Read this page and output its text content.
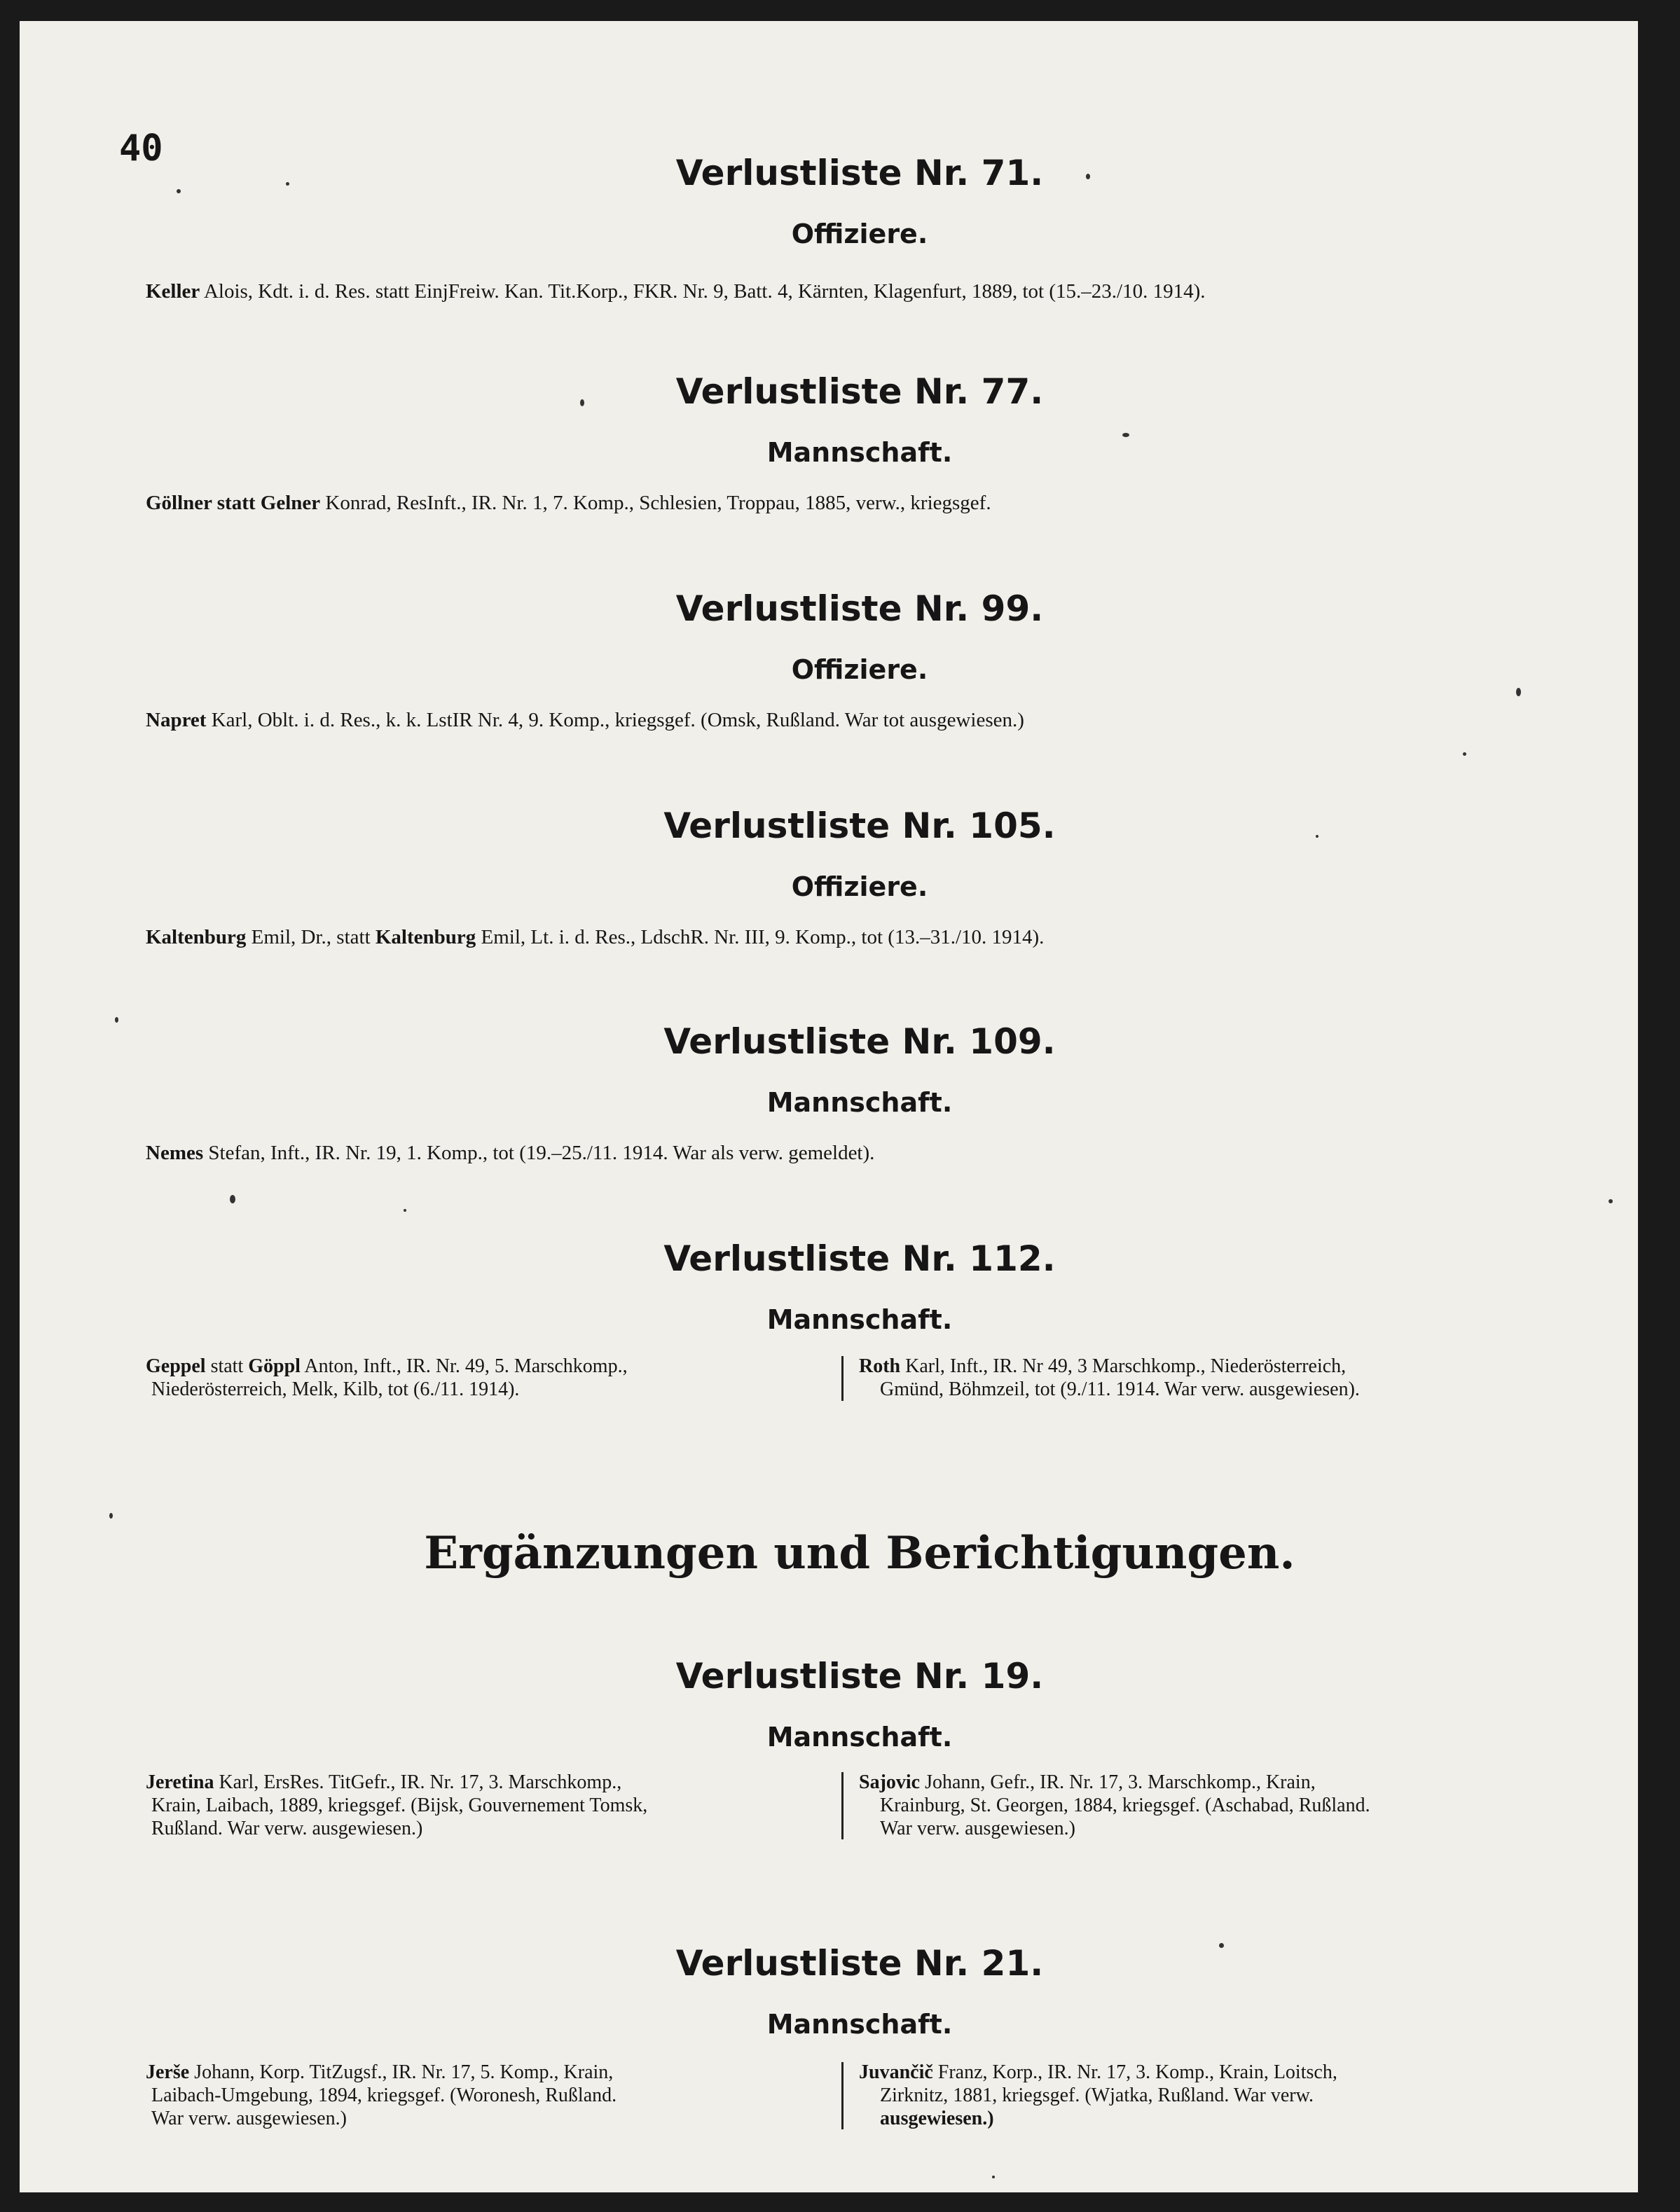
40
Verlustliste Nr. 71.
Offiziere.
Keller Alois, Kdt. i. d. Res. statt EinjFreiw. Kan. Tit.Korp., FKR. Nr. 9, Batt. 4, Kärnten, Klagenfurt, 1889, tot (15.–23./10. 1914).
Verlustliste Nr. 77.
Mannschaft.
Göllner statt Gelner Konrad, ResInft., IR. Nr. 1, 7. Komp., Schlesien, Troppau, 1885, verw., kriegsgef.
Verlustliste Nr. 99.
Offiziere.
Napret Karl, Oblt. i. d. Res., k. k. LstIR Nr. 4, 9. Komp., kriegsgef. (Omsk, Rußland. War tot ausgewiesen.)
Verlustliste Nr. 105.
Offiziere.
Kaltenburg Emil, Dr., statt Kaltenburg Emil, Lt. i. d. Res., LdschR. Nr. III, 9. Komp., tot (13.–31./10. 1914).
Verlustliste Nr. 109.
Mannschaft.
Nemes Stefan, Inft., IR. Nr. 19, 1. Komp., tot (19.–25./11. 1914. War als verw. gemeldet).
Verlustliste Nr. 112.
Mannschaft.

Geppel statt Göppl Anton, Inft., IR. Nr. 49, 5. Marschkomp.,

Niederösterreich, Melk, Kilb, tot (6./11. 1914).

Roth Karl, Inft., IR. Nr 49, 3 Marschkomp., Niederösterreich,

Gmünd, Böhmzeil, tot (9./11. 1914. War verw. ausgewiesen).

Ergänzungen und Berichtigungen.
Verlustliste Nr. 19.
Mannschaft.

Jeretina Karl, ErsRes. TitGefr., IR. Nr. 17, 3. Marschkomp.,

Krain, Laibach, 1889, kriegsgef. (Bijsk, Gouvernement Tomsk,

Rußland. War verw. ausgewiesen.)

Sajovic Johann, Gefr., IR. Nr. 17, 3. Marschkomp., Krain,

Krainburg, St. Georgen, 1884, kriegsgef. (Aschabad, Rußland.

War verw. ausgewiesen.)

Verlustliste Nr. 21.
Mannschaft.

Jerše Johann, Korp. TitZugsf., IR. Nr. 17, 5. Komp., Krain,

Laibach-Umgebung, 1894, kriegsgef. (Woronesh, Rußland.

War verw. ausgewiesen.)

Juvančič Franz, Korp., IR. Nr. 17, 3. Komp., Krain, Loitsch,

Zirknitz, 1881, kriegsgef. (Wjatka, Rußland. War verw.

ausgewiesen.)
